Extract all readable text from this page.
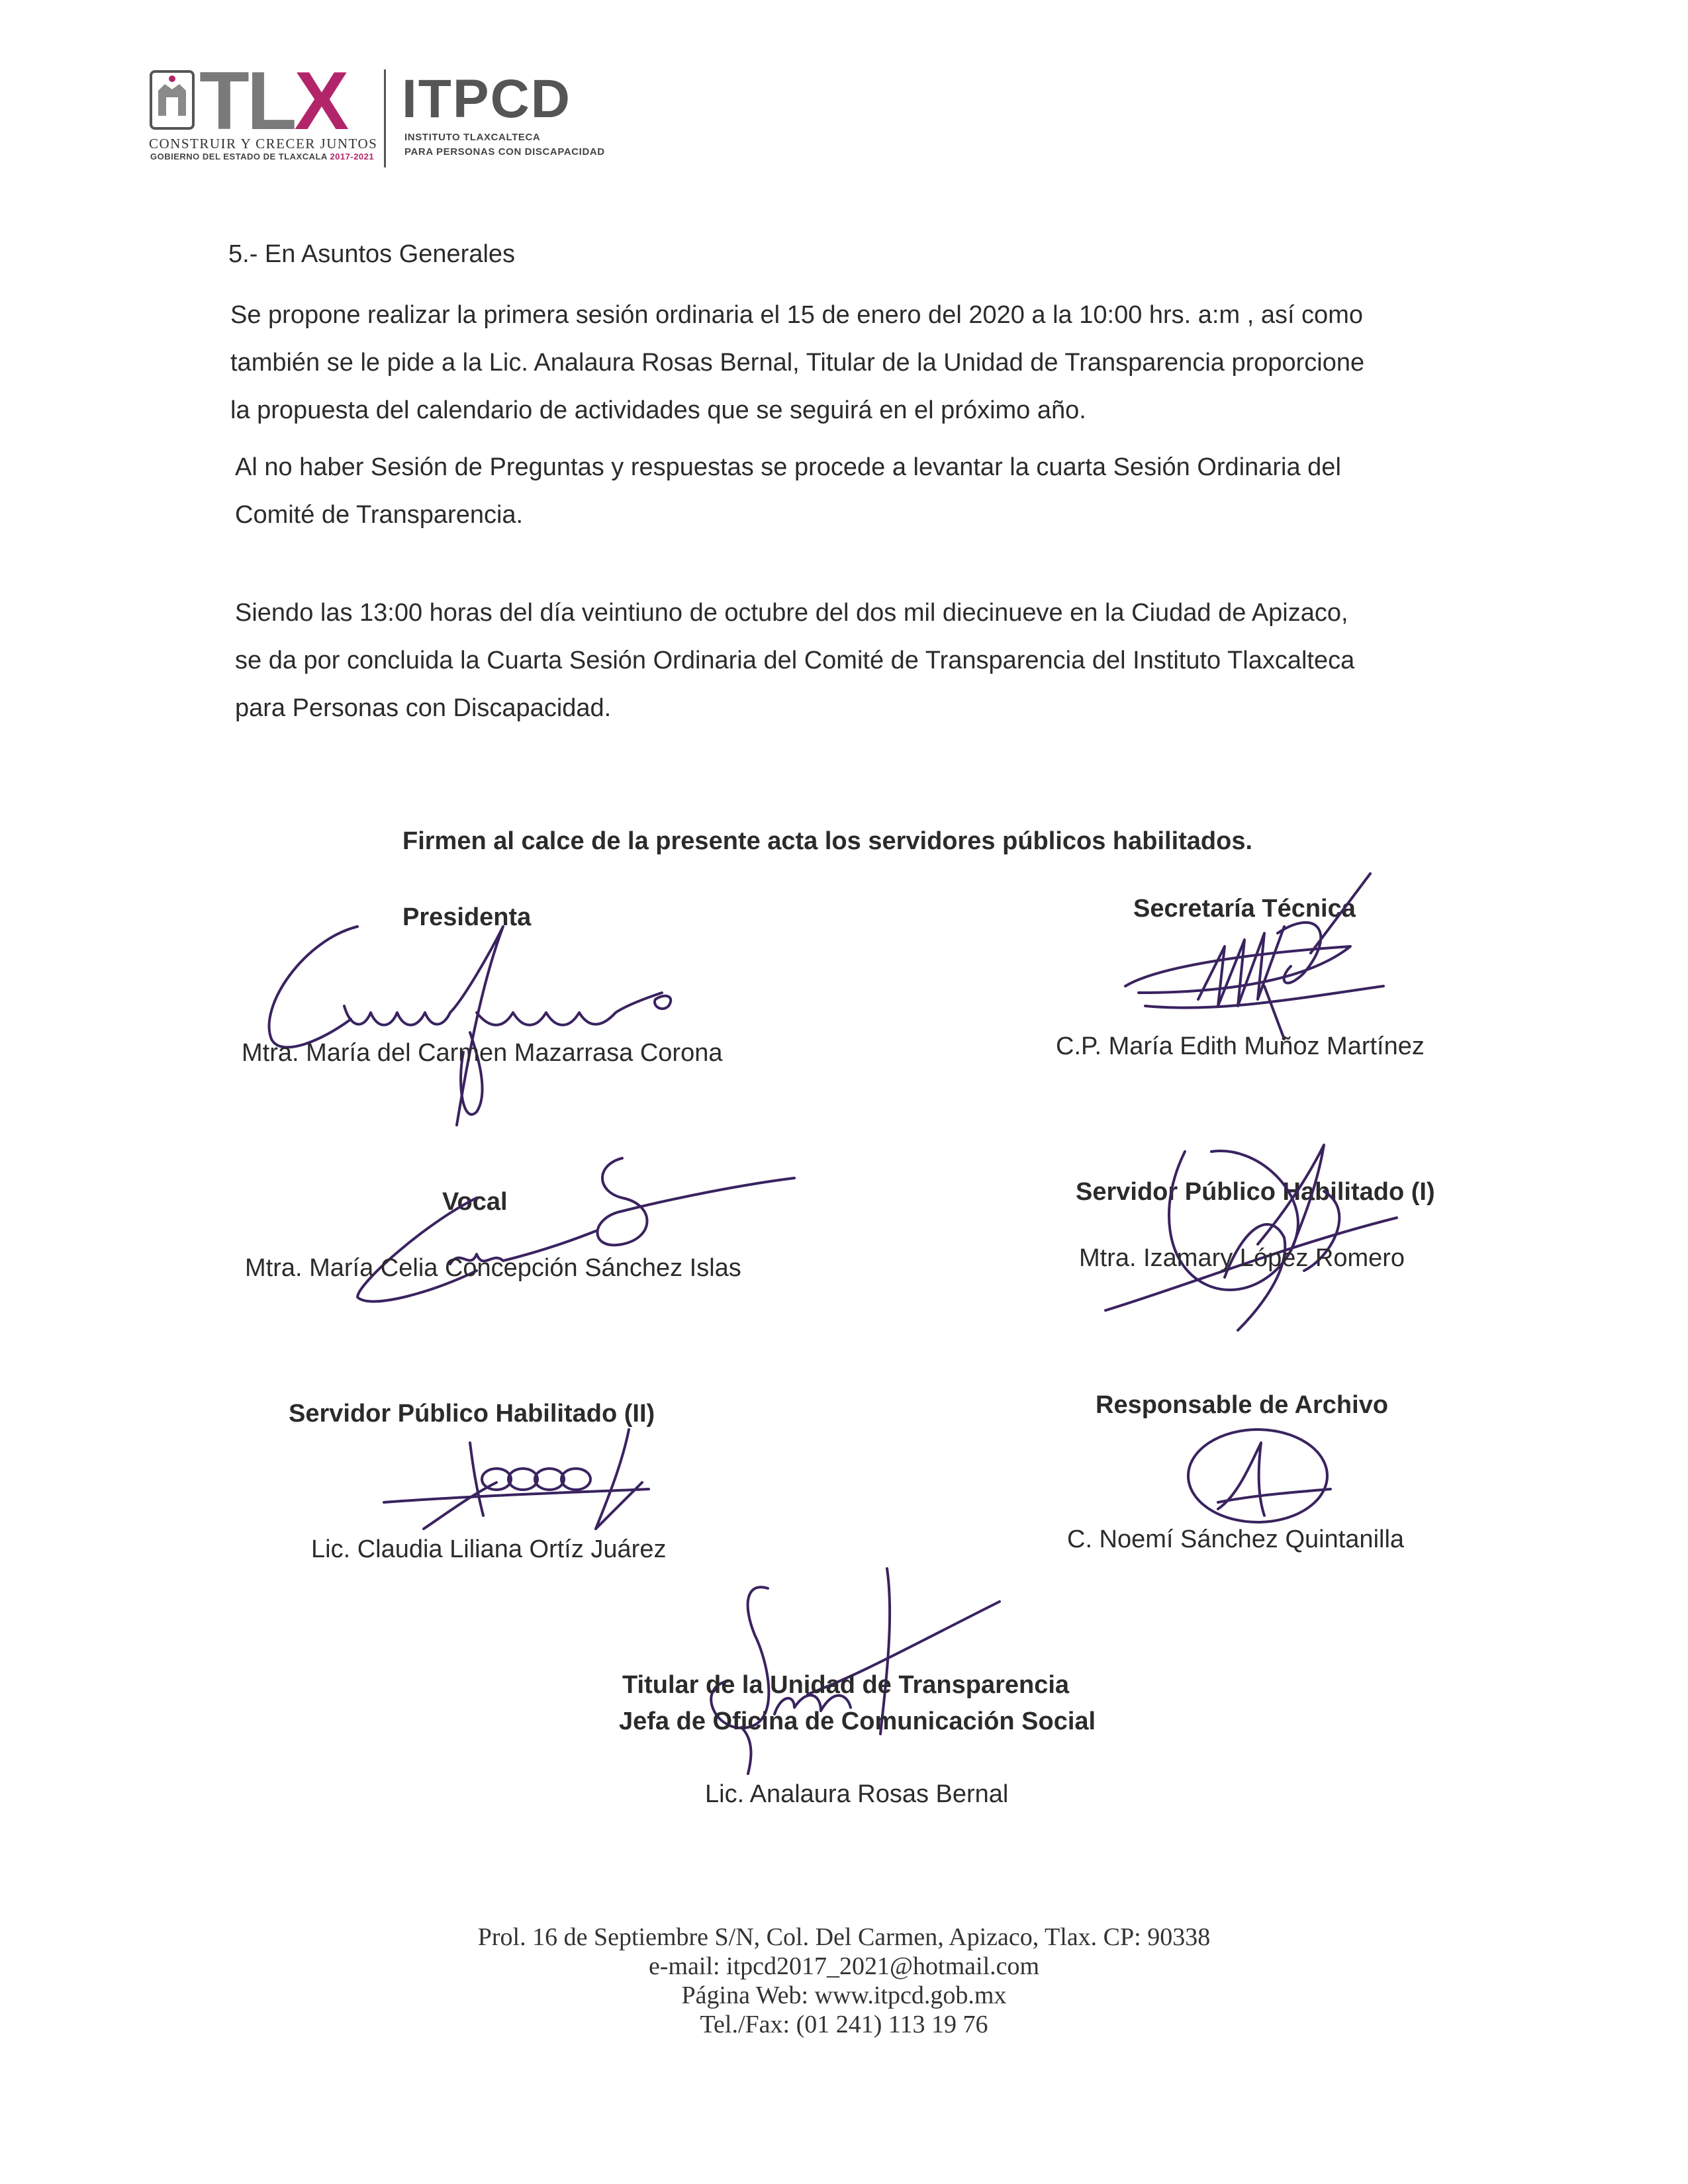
TLX
CONSTRUIR Y CRECER JUNTOS
GOBIERNO DEL ESTADO DE TLAXCALA 2017-2021
ITPCD
INSTITUTO TLAXCALTECA
PARA PERSONAS CON DISCAPACIDAD
5.- En Asuntos Generales
Se propone realizar la primera sesión ordinaria el 15 de enero del 2020 a la 10:00 hrs. a:m , así como
también se le pide a la Lic. Analaura Rosas Bernal, Titular de la Unidad de Transparencia proporcione
la propuesta del calendario de actividades que se seguirá en el próximo año.
Al no haber Sesión de Preguntas y respuestas se procede a levantar la cuarta Sesión Ordinaria del
Comité de Transparencia.
Siendo las 13:00 horas del día veintiuno de octubre del dos mil diecinueve en la Ciudad de Apizaco,
se da por concluida la Cuarta Sesión Ordinaria del Comité de Transparencia del Instituto Tlaxcalteca
para Personas con Discapacidad.
Firmen al calce de la presente acta los servidores públicos habilitados.
Presidenta
Mtra. María del Carmen Mazarrasa Corona
Secretaría Técnica
C.P. María Edith Muñoz Martínez
Vocal
Mtra. María Celia Concepción Sánchez Islas
Servidor Público Habilitado (I)
Mtra. Izamary López Romero
Servidor Público Habilitado (II)
Lic. Claudia Liliana Ortíz Juárez
Responsable de Archivo
C. Noemí Sánchez Quintanilla
Titular de la Unidad de Transparencia
Jefa de Oficina de Comunicación Social
Lic. Analaura Rosas Bernal
Prol. 16 de Septiembre S/N, Col. Del Carmen, Apizaco, Tlax. CP: 90338
e-mail: itpcd2017_2021@hotmail.com
Página Web: www.itpcd.gob.mx
Tel./Fax: (01 241) 113 19 76
